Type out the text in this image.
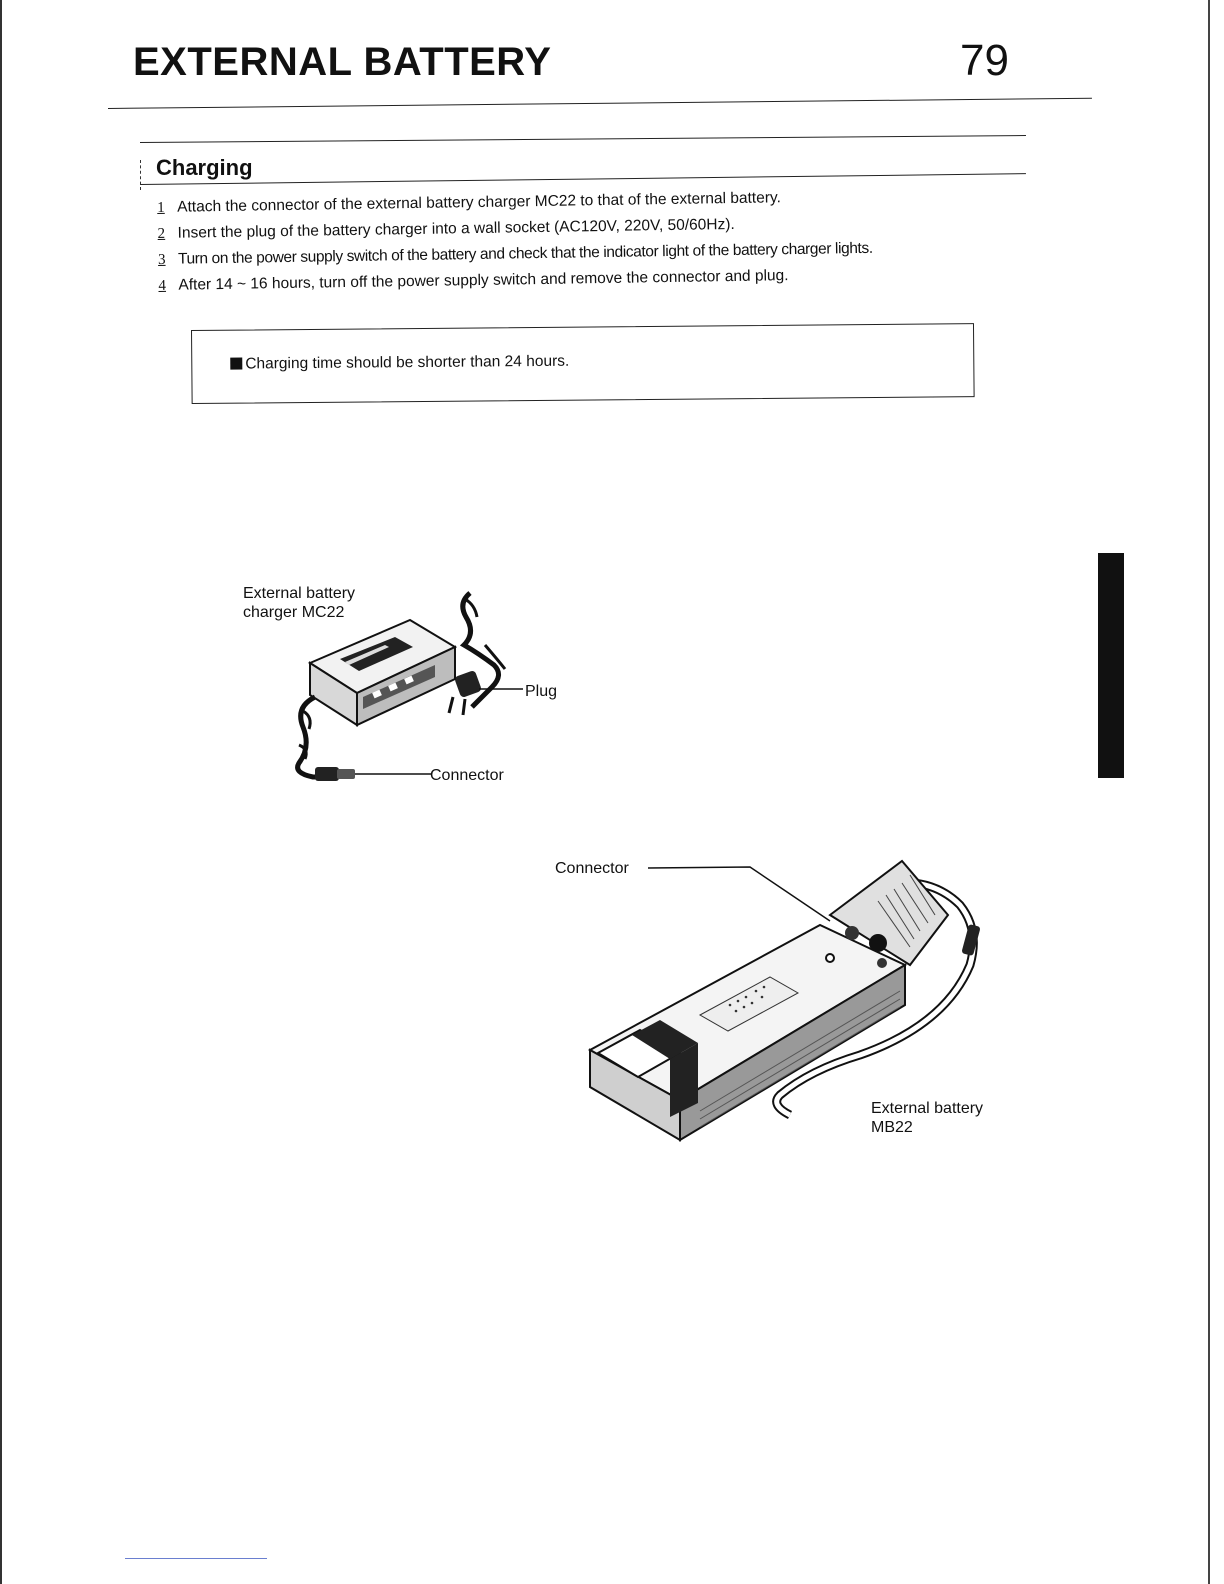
EXTERNAL BATTERY	79
Charging
1 Attach the connector of the external battery charger MC22 to that of the external battery.
2 Insert the plug of the battery charger into a wall socket (AC120V, 220V, 50/60Hz).
3 Turn on the power supply switch of the battery and check that the indicator light of the battery charger lights.
4 After 14 ~ 16 hours, turn off the power supply switch and remove the connector and plug.
Charging time should be shorter than 24 hours.
External battery
charger MC22
Plug
Connector
Connector
External battery
MB22
